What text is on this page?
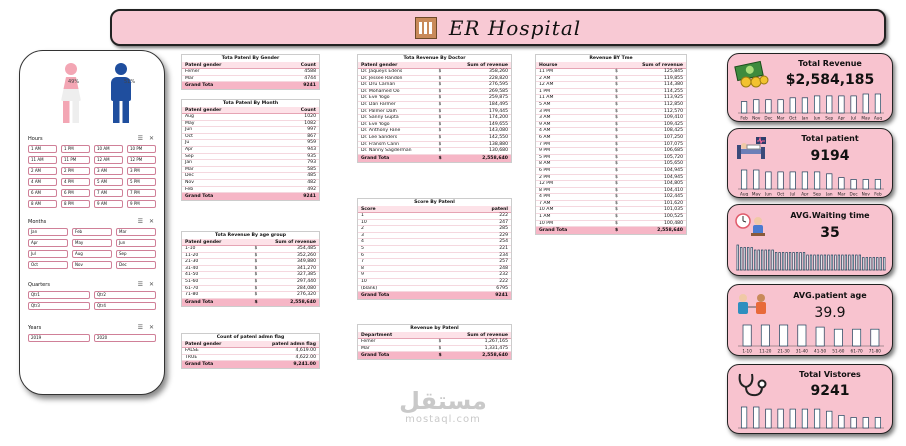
ER Hospital
49%	51%
Hours	☰ ✕
1 AM	1 PM	10 AM	10 PM
11 AM	11 PM	12 AM	12 PM
2 AM	2 PM	3 AM	3 PM
4 AM	4 PM	5 AM	5 PM
6 AM	6 PM	7 AM	7 PM
8 AM	8 PM	9 AM	9 PM
Months	☰ ✕
Jan	Feb	Mar
Apr	May	Jun
Jul	Aug	Sep
Oct	Nov	Dec
Quarters	☰ ✕
Qtr1	Qtr2
Qtr3	Qtr4
Years	☰ ✕
2019	2020
Tota Patenl By Gender
Patenl gender	Count
Femer	4588
Mar	4744
Grand Tota	9241
Tota Patenl By Month
Patenl gender	Count
Aug	1020
May	1082
Jun	997
Oct	867
Ju	959
Apr	943
Sep	935
Jan	793
Mar	585
Dec	485
Nov	482
Feb	492
Grand Tota	9241
Tota Revenue By age group
Patenl gender	Sum of revenue
1-10	$	354,485
11-20	$	352,260
21-30	$	349,880
31-40	$	341,270
41-50	$	327,385
51-60	$	297,440
61-70	$	284,080
71-80	$	276,320
Grand Tota	$	2,558,640
Count of patenl admn flag
Patenl gender	patenl admn flag
FALSE	4,619.00
TRUE	4,622.00
Grand Tota	9,241.00
Tota Revenue By Doctor
Patenl gender	Sum of revenue
Dr. Jaqueys Edens	$	358,260
Dr. Jessee Randon	$	228,820
Dr. Dru Carnan	$	276,595
Dr. Mohamed Oo	$	269,585
Dr. Eve Yogo	$	259,875
Dr. Dan Farmer	$	184,495
Dr. Palmer Dalh	$	179,445
Dr. Sanny Gupta	$	174,200
Dr. Eve Yogo	$	149,655
Dr. Anthony Fane	$	143,080
Dr. Lee Sanders	$	142,550
Dr. Fransm Cann	$	138,880
Dr. Nanny Sagderman	$	130,680
Grand Tota	$	2,558,640
Score By Patenl
Score	patenl
1	222
10	247
2	285
3	229
4	254
5	221
6	234
7	257
8	248
9	232
10	222
(blank)	6795
Grand Tota	9241
Revenue by Patenl
Department	Sum of revenue
Femer	$	1,267,165
Mar	$	1,331,475
Grand Tota	$	2,558,640
Revenue BY Tme
Hourse	Sum of revenue
11 PM	$	125,845
2 AM	$	119,855
12 AM	$	114,380
1 PM	$	114,255
11 AM	$	113,925
5 AM	$	112,850
3 PM	$	112,570
3 AM	$	109,410
9 AM	$	109,425
4 AM	$	108,425
6 AM	$	107,250
7 PM	$	107,075
9 PM	$	106,685
5 PM	$	105,720
8 AM	$	105,650
6 PM	$	104,945
2 PM	$	104,945
12 PM	$	104,805
8 PM	$	104,410
4 PM	$	102,445
7 AM	$	101,620
10 AM	$	101,035
1 AM	$	100,525
10 PM	$	100,480
Grand Tota	$	2,558,640
Total Revenue
$2,584,185
Feb Nov Dec Mar Oct Jan Jun Sep Apr Jul May Aug
Total patient
9194
Aug May Jun Oct Jul Apr Sep Jan Mar Dec Nov Feb
AVG.Waiting time
35
AVG.patient age
39.9
1-10 11-20 21-30 31-40 41-50 51-60 61-70 71-80
Total Vistores
9241
مستقل
mostaql.com
